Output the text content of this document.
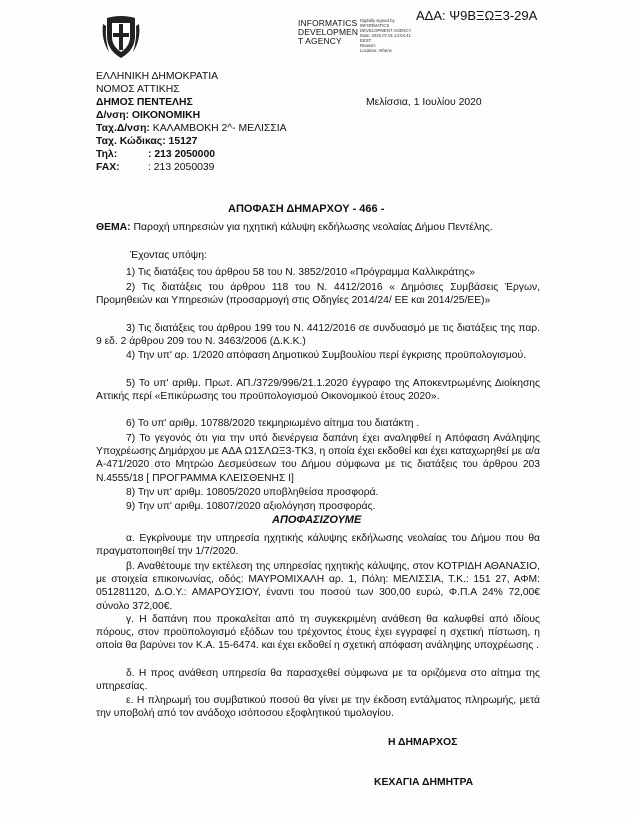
INFORMATICS
DEVELOPMEN
T AGENCY
Digitally signed by
INFORMATICS
DEVELOPMENT AGENCY
Date: 2020.07.01 14:04:41
EEST
Reason:
Location: Athens
ΑΔΑ: Ψ9ΒΞΩΞ3-29Α
ΕΛΛΗΝΙΚΗ ΔΗΜΟΚΡΑΤΙΑ
ΝΟΜΟΣ ΑΤΤΙΚΗΣ
ΔΗΜΟΣ ΠΕΝΤΕΛΗΣ	Μελίσσια, 1 Ιουλίου 2020
Δ/νση: ΟΙΚΟΝΟΜΙΚΗ
Ταχ.Δ/νση: ΚΑΛΑΜΒΟΚΗ 2^- ΜΕΛΙΣΣΙΑ
Ταχ. Κώδικας: 15127
Τηλ:	: 213 2050000
FAX:	: 213 2050039
ΑΠΟΦΑΣΗ ΔΗΜΑΡΧΟΥ - 466 -
ΘΕΜΑ: Παροχή υπηρεσιών για ηχητική κάλυψη εκδήλωσης νεολαίας Δήμου Πεντέλης.
Έχοντας υπόψη:
1) Τις διατάξεις του άρθρου 58 του Ν. 3852/2010 «Πρόγραμμα Καλλικράτης»
2) Τις διατάξεις του άρθρου 118 του Ν. 4412/2016 « Δημόσιες Συμβάσεις Έργων, Προμηθειών και Υπηρεσιών (προσαρμογή στις Οδηγίες 2014/24/ ΕΕ και 2014/25/ΕΕ)»
3) Τις διατάξεις του άρθρου 199 του Ν. 4412/2016 σε συνδυασμό με τις διατάξεις της παρ. 9 εδ. 2 άρθρου 209 του Ν. 3463/2006 (Δ.Κ.Κ.)
4) Την υπ' αρ. 1/2020 απόφαση Δημοτικού Συμβουλίου περί έγκρισης προϋπολογισμού.
5) Το υπ' αριθμ. Πρωτ. ΑΠ./3729/996/21.1.2020 έγγραφο της Αποκεντρωμένης Διοίκησης Αττικής περί «Επικύρωσης του προϋπολογισμού Οικονομικού έτους 2020».
6) Το υπ' αριθμ. 10788/2020 τεκμηριωμένο αίτημα του διατάκτη .
7) Το γεγονός ότι για την υπό διενέργεια δαπάνη έχει αναληφθεί η Απόφαση Ανάληψης Υποχρέωσης Δημάρχου με ΑΔΑ Ω1ΣΛΩΞ3-ΤΚ3, η οποία έχει εκδοθεί και έχει καταχωρηθεί με α/α Α-471/2020 στο Μητρώο Δεσμεύσεων του Δήμου σύμφωνα με τις διατάξεις του άρθρου 203 Ν.4555/18 [ ΠΡΟΓΡΑΜΜΑ ΚΛΕΙΣΘΕΝΗΣ Ι]
8) Την υπ' αριθμ. 10805/2020 υποβληθείσα προσφορά.
9) Την υπ' αριθμ. 10807/2020 αξιολόγηση προσφοράς.
ΑΠΟΦΑΣΙΖΟΥΜΕ
α. Εγκρίνουμε την υπηρεσία ηχητικής κάλυψης εκδήλωσης νεολαίας του Δήμου που θα πραγματοποιηθεί την 1/7/2020.
β. Αναθέτουμε την εκτέλεση της υπηρεσίας ηχητικής κάλυψης, στον ΚΟΤΡΙΔΗ ΑΘΑΝΑΣΙΟ, με στοιχεία επικοινωνίας, οδός: ΜΑΥΡΟΜΙΧΑΛΗ αρ. 1, Πόλη: ΜΕΛΙΣΣΙΑ, Τ.Κ.: 151 27, ΑΦΜ: 051281120, Δ.Ο.Υ.: ΑΜΑΡΟΥΣΙΟΥ, έναντι του ποσού των 300,00 ευρώ, Φ.Π.Α 24% 72,00€ σύνολο 372,00€.
γ. Η δαπάνη που προκαλείται από τη συγκεκριμένη ανάθεση θα καλυφθεί από ιδίους πόρους, στον προϋπολογισμό εξόδων του τρέχοντος έτους έχει εγγραφεί η σχετική πίστωση, η οποία θα βαρύνει τον Κ.Α. 15-6474. και έχει εκδοθεί η σχετική απόφαση ανάληψης υποχρέωσης .
δ. Η προς ανάθεση υπηρεσία θα παρασχεθεί σύμφωνα με τα οριζόμενα στο αίτημα της υπηρεσίας.
ε. Η πληρωμή του συμβατικού ποσού θα γίνει με την έκδοση εντάλματος πληρωμής, μετά την υποβολή από τον ανάδοχο ισόποσου εξοφλητικού τιμολογίου.
Η ΔΗΜΑΡΧΟΣ
ΚΕΧΑΓΙΑ ΔΗΜΗΤΡΑ
